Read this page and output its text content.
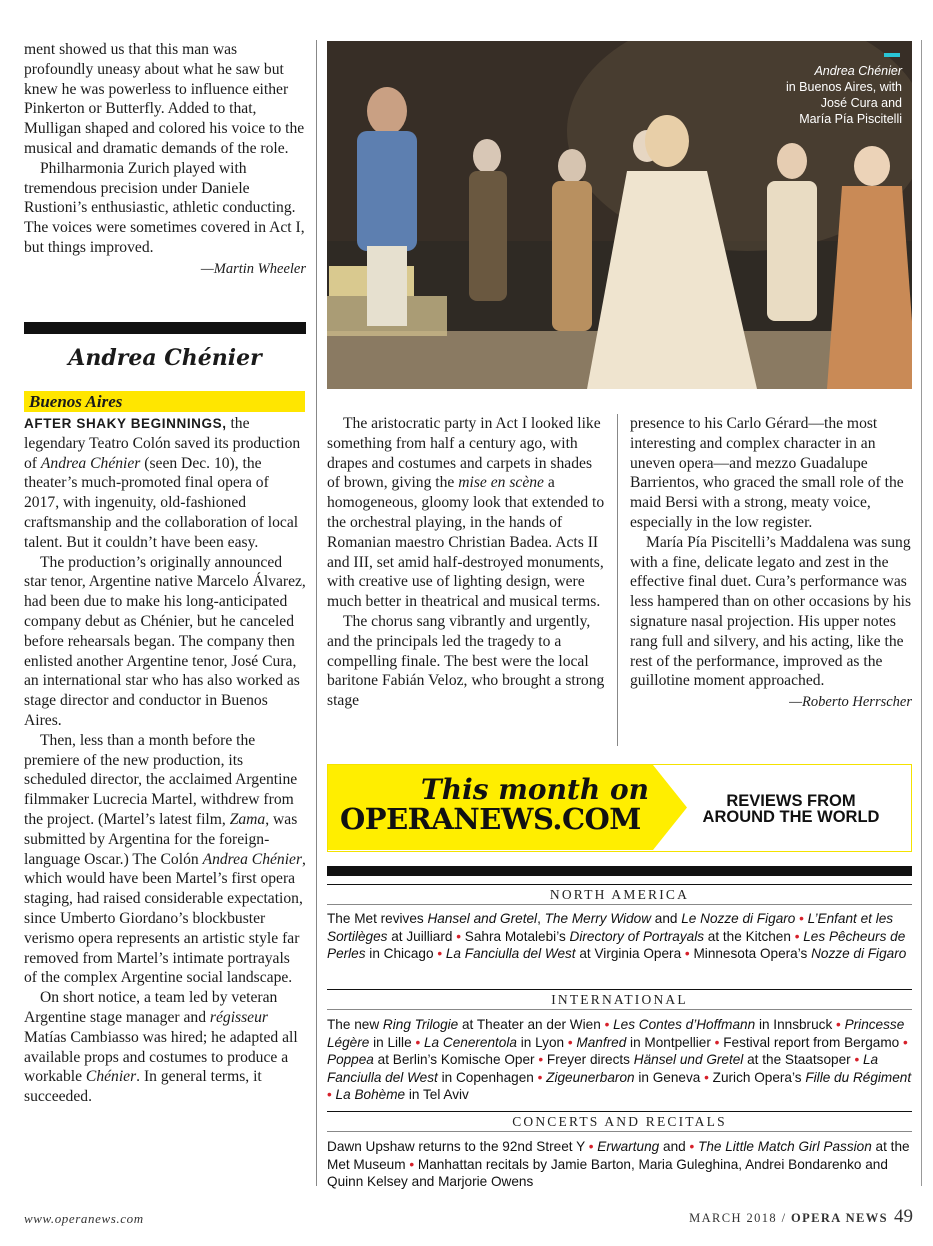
ment showed us that this man was profoundly uneasy about what he saw but knew he was powerless to influence either Pinkerton or Butterfly. Added to that, Mulligan shaped and colored his voice to the musical and dramatic demands of the role.

Philharmonia Zurich played with tremendous precision under Daniele Rustioni’s enthusiastic, athletic conducting. The voices were sometimes covered in Act I, but things improved.

—Martin Wheeler
Andrea Chénier
Buenos Aires

AFTER SHAKY BEGINNINGS, the legendary Teatro Colón saved its production of Andrea Chénier (seen Dec. 10), the theater’s much-promoted final opera of 2017, with ingenuity, old-fashioned craftsmanship and the collaboration of local talent. But it couldn’t have been easy.

The production’s originally announced star tenor, Argentine native Marcelo Álvarez, had been due to make his long-anticipated company debut as Chénier, but he canceled before rehearsals began. The company then enlisted another Argentine tenor, José Cura, an international star who has also worked as stage director and conductor in Buenos Aires.

Then, less than a month before the premiere of the new production, its scheduled director, the acclaimed Argentine filmmaker Lucrecia Martel, withdrew from the project. (Martel’s latest film, Zama, was submitted by Argentina for the foreign-language Oscar.) The Colón Andrea Chénier, which would have been Martel’s first opera staging, had raised considerable expectation, since Umberto Giordano’s blockbuster verismo opera represents an artistic style far removed from Martel’s intimate portrayals of the complex Argentine social landscape.

On short notice, a team led by veteran Argentine stage manager and régisseur Matías Cambiasso was hired; he adapted all available props and costumes to produce a workable Chénier. In general terms, it succeeded.

Andrea Chénier
in Buenos Aires, with
José Cura and
María Pía Piscitelli

The aristocratic party in Act I looked like something from half a century ago, with drapes and costumes and carpets in shades of brown, giving the mise en scène a homogeneous, gloomy look that extended to the orchestral playing, in the hands of Romanian maestro Christian Badea. Acts II and III, set amid half-destroyed monuments, with creative use of lighting design, were much better in theatrical and musical terms.

The chorus sang vibrantly and urgently, and the principals led the tragedy to a compelling finale. The best were the local baritone Fabián Veloz, who brought a strong stage

presence to his Carlo Gérard—the most interesting and complex character in an uneven opera—and mezzo Guadalupe Barrientos, who graced the small role of the maid Bersi with a strong, meaty voice, especially in the low register.

María Pía Piscitelli’s Maddalena was sung with a fine, delicate legato and zest in the effective final duet. Cura’s performance was less hampered than on other occasions by his signature nasal projection. His upper notes rang full and silvery, and his acting, like the rest of the performance, improved as the guillotine moment approached.

—Roberto Herrscher
This month on
OPERANEWS.COM
REVIEWS FROM
AROUND THE WORLD
NORTH AMERICA
The Met revives Hansel and Gretel, The Merry Widow and Le Nozze di Figaro • L’Enfant et les Sortilèges at Juilliard • Sahra Motalebi’s Directory of Portrayals at the Kitchen • Les Pêcheurs de Perles in Chicago • La Fanciulla del West at Virginia Opera • Minnesota Opera’s Nozze di Figaro
INTERNATIONAL
The new Ring Trilogie at Theater an der Wien • Les Contes d’Hoffmann in Innsbruck • Princesse Légère in Lille • La Cenerentola in Lyon • Manfred in Montpellier • Festival report from Bergamo • Poppea at Berlin’s Komische Oper • Freyer directs Hänsel und Gretel at the Staatsoper • La Fanciulla del West in Copenhagen • Zigeunerbaron in Geneva • Zurich Opera’s Fille du Régiment • La Bohème in Tel Aviv
CONCERTS AND RECITALS
Dawn Upshaw returns to the 92nd Street Y • Erwartung and • The Little Match Girl Passion at the Met Museum • Manhattan recitals by Jamie Barton, Maria Guleghina, Andrei Bondarenko and Quinn Kelsey and Marjorie Owens
www.operanews.com	MARCH 2018 / OPERA NEWS 49
